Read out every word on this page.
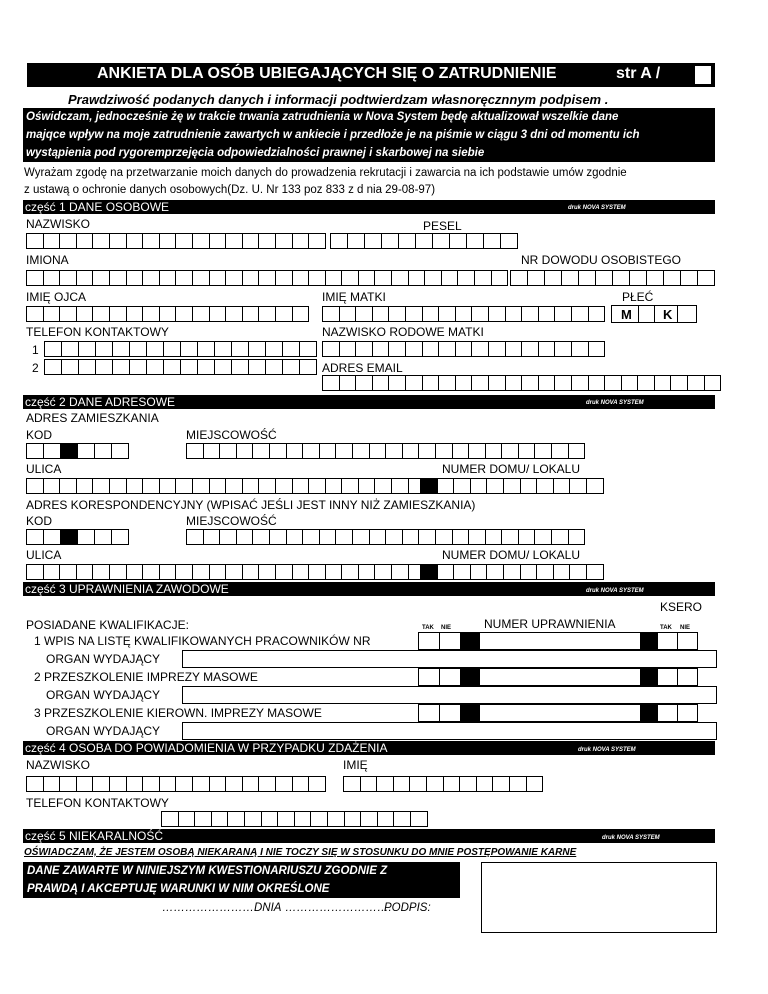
ANKIETA DLA OSÓB UBIEGAJĄCYCH SIĘ O ZATRUDNIENIE	str A /
Prawdziwość podanych danych i informacji podtwierdzam własnoręcznnym podpisem .
Oświdczam, jednocześnie żę w trakcie trwania zatrudnienia w Nova System będę aktualizował wszelkie dane
majqce wpływ na moje zatrudnienie zawartych w ankiecie i przedłoże je na piśmie w ciągu 3 dni od momentu ich
wystąpienia pod rygoremprzejęcia odpowiedzialności prawnej i skarbowej na siebie
Wyrażam zgodę na przetwarzanie moich danych do prowadzenia rekrutacji i zawarcia na ich podstawie umów zgodnie
z ustawą o ochronie danych osobowych(Dz. U. Nr 133 poz 833 z d nia 29-08-97)
część 1 DANE OSOBOWE	druk NOVA SYSTEM
NAZWISKO	PESEL
IMIONA	NR DOWODU OSOBISTEGO
IMIĘ OJCA	IMIĘ MATKI	PŁEĆ
M K
TELEFON KONTAKTOWY	NAZWISKO RODOWE MATKI
1
2	ADRES EMAIL
część 2 DANE ADRESOWE	druk NOVA SYSTEM
ADRES ZAMIESZKANIA
KOD	MIEJSCOWOŚĆ
ULICA	NUMER DOMU/ LOKALU
ADRES KORESPONDENCYJNY (WPISAĆ JEŚLI JEST INNY NIŻ ZAMIESZKANIA)
KOD	MIEJSCOWOŚĆ
ULICA	NUMER DOMU/ LOKALU
część 3 UPRAWNIENIA ZAWODOWE	druk NOVA SYSTEM
KSERO
POSIADANE KWALIFIKACJE:	TAK NIE	NUMER UPRAWNIENIA	TAK NIE
1 WPIS NA LISTĘ KWALIFIKOWANYCH PRACOWNIKÓW NR
ORGAN WYDAJĄCY
2 PRZESZKOLENIE IMPREZY MASOWE
ORGAN WYDAJĄCY
3 PRZESZKOLENIE KIEROWN. IMPREZY MASOWE
ORGAN WYDAJĄCY
część 4 OSOBA DO POWIADOMIENIA W PRZYPADKU ZDAŻENIA	druk NOVA SYSTEM
NAZWISKO	IMIĘ
TELEFON KONTAKTOWY
część 5 NIEKARALNOŚĆ	druk NOVA SYSTEM
OŚWIADCZAM, ŻE JESTEM OSOBĄ NIEKARANĄ I NIE TOCZY SIĘ W STOSUNKU DO MNIE POSTĘPOWANIE KARNE
DANE ZAWARTE W NINIEJSZYM KWESTIONARIUSZU ZGODNIE Z
PRAWDĄ I AKCEPTUJĘ WARUNKI W NIM OKREŚLONE
…………………….
DNIA ……………………….
PODPIS:
